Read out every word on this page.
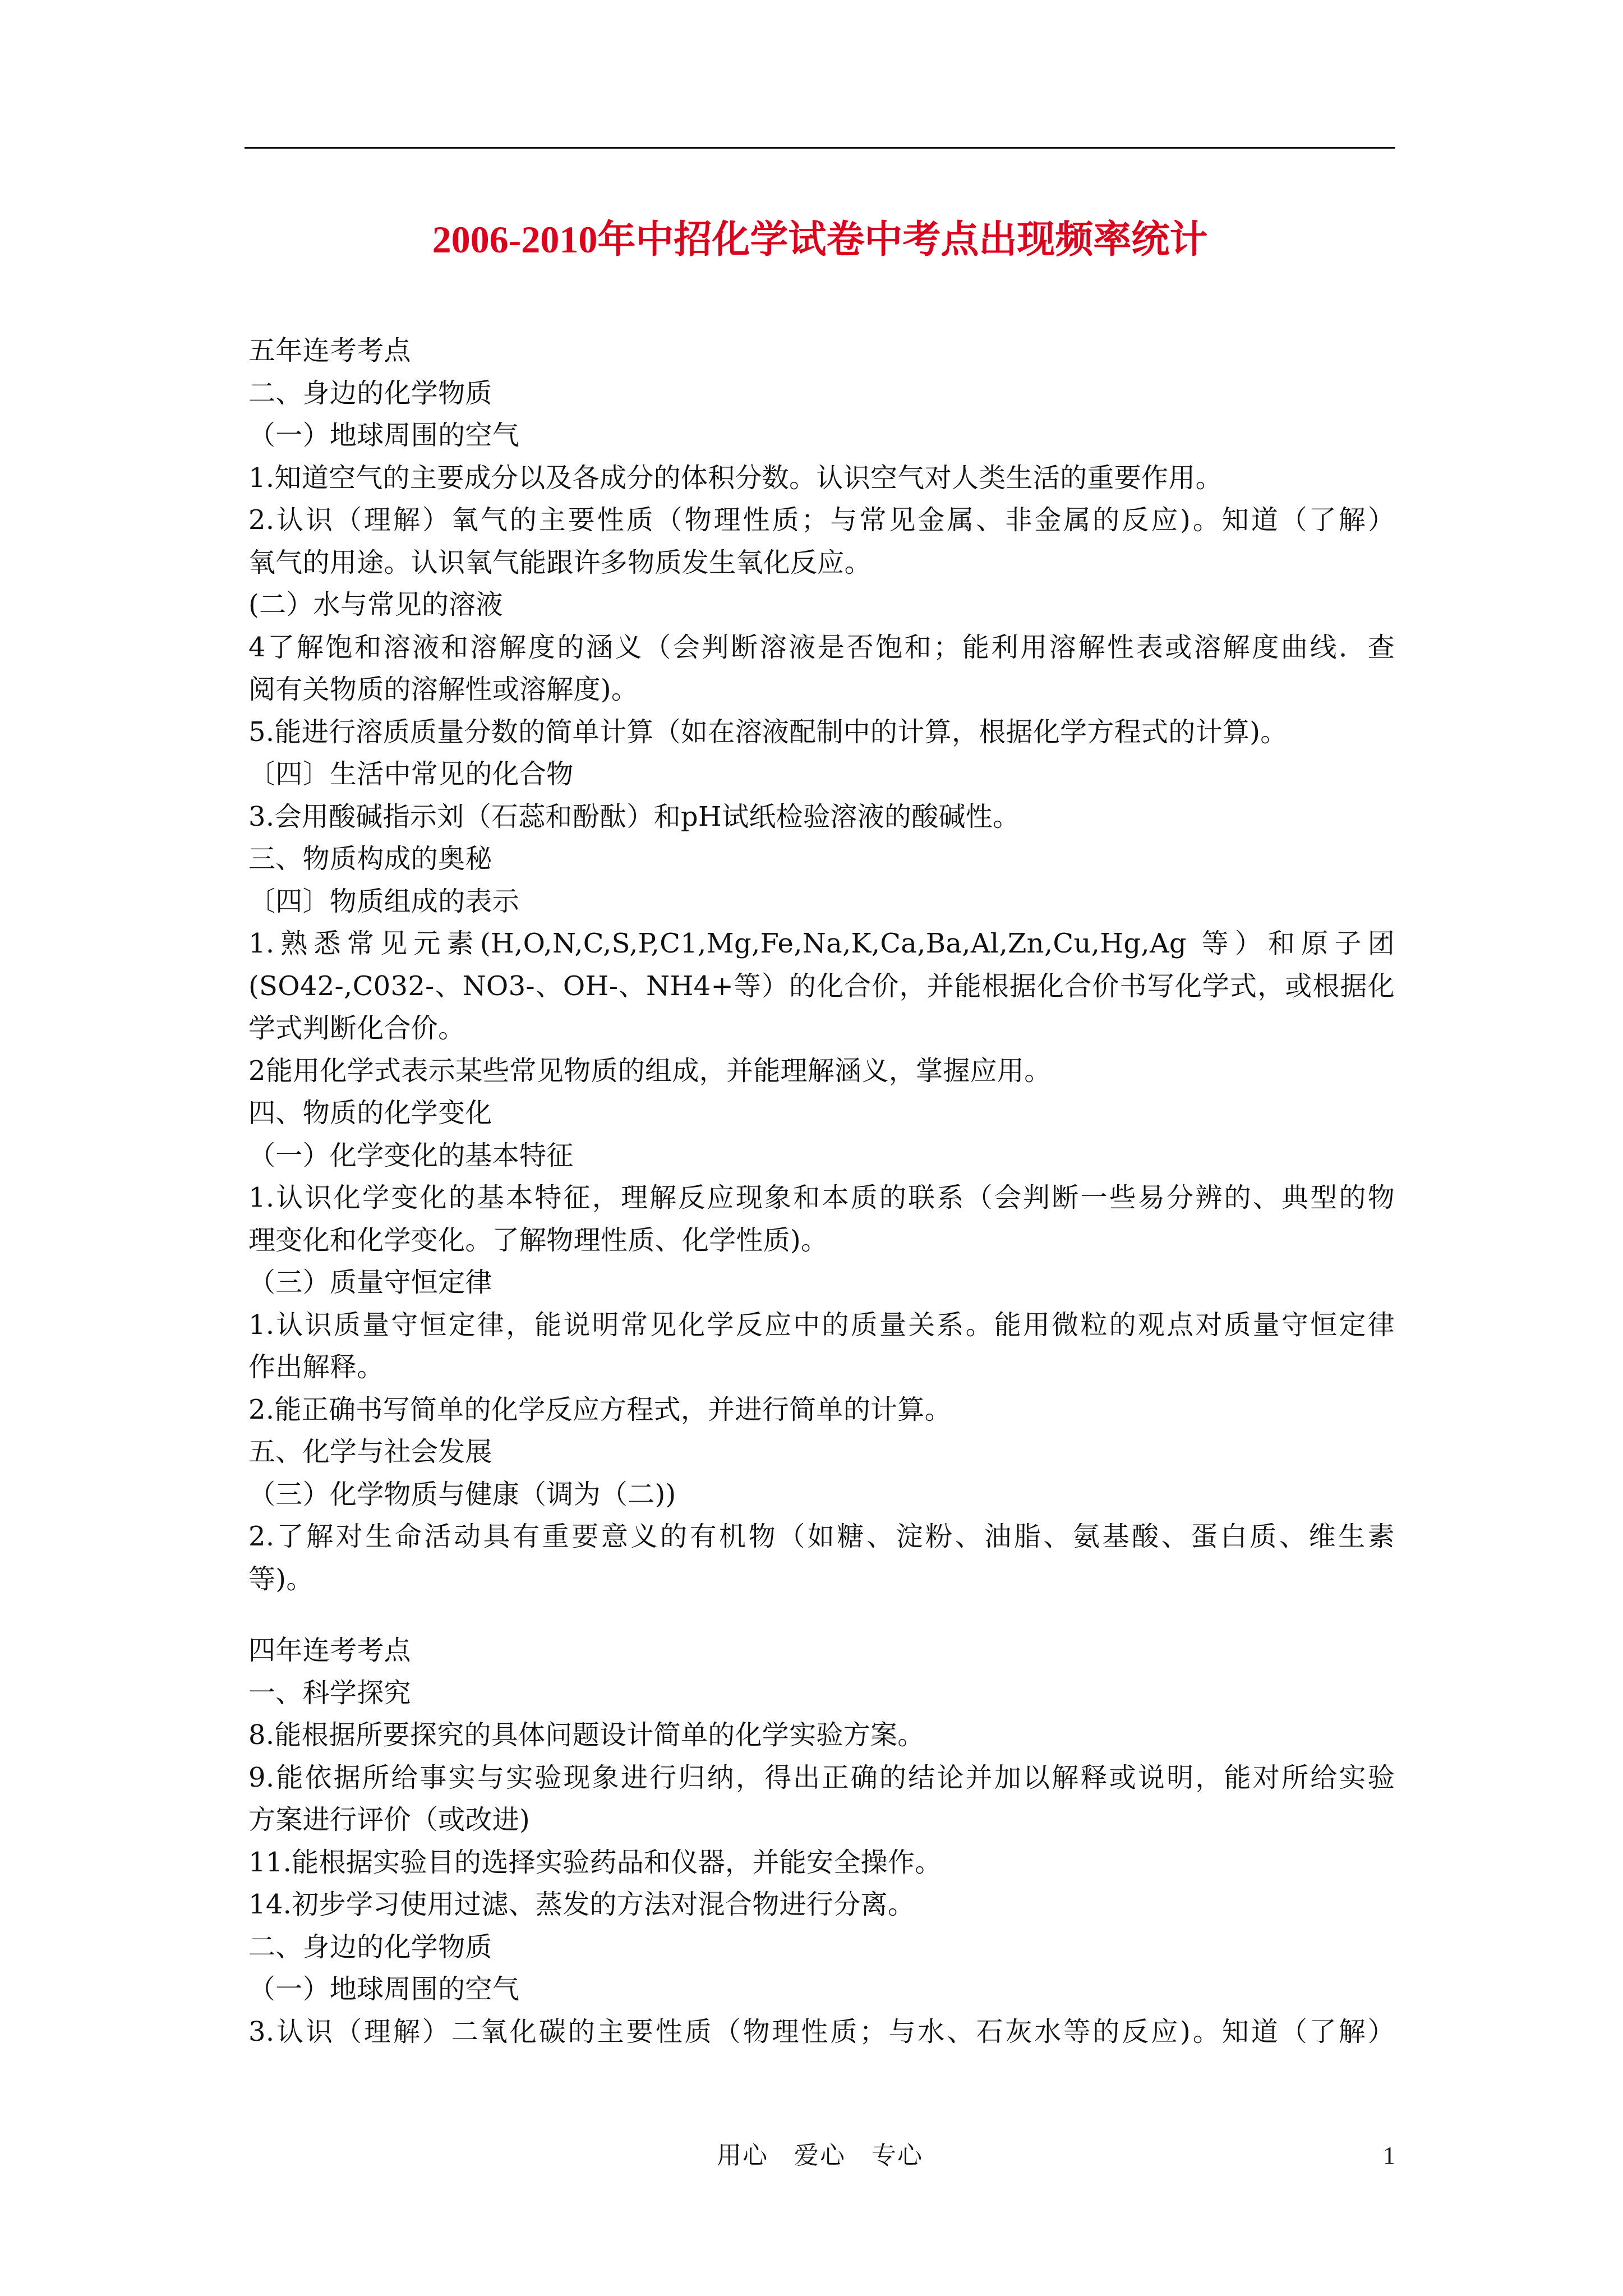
2006-2010年中招化学试卷中考点出现频率统计
五年连考考点
二、身边的化学物质
（一）地球周围的空气
1.知道空气的主要成分以及各成分的体积分数。认识空气对人类生活的重要作用。
2.认识（理解）氧气的主要性质（物理性质；与常见金属、非金属的反应)。知道（了解）
氧气的用途。认识氧气能跟许多物质发生氧化反应。
(二）水与常见的溶液
4了解饱和溶液和溶解度的涵义（会判断溶液是否饱和；能利用溶解性表或溶解度曲线．查
阅有关物质的溶解性或溶解度)。
5.能进行溶质质量分数的简单计算（如在溶液配制中的计算，根据化学方程式的计算)。
〔四〕生活中常见的化合物
3.会用酸碱指示刘（石蕊和酚酞）和pH试纸检验溶液的酸碱性。
三、物质构成的奥秘
〔四〕物质组成的表示
1.熟悉常见元素(H,O,N,C,S,P,C1,Mg,Fe,Na,K,Ca,Ba,Al,Zn,Cu,Hg,Ag 等）和原子团
(SO42-,C032-、NO3-、OH-、NH4+等）的化合价，并能根据化合价书写化学式，或根据化
学式判断化合价。
2能用化学式表示某些常见物质的组成，并能理解涵义，掌握应用。
四、物质的化学变化
（一）化学变化的基本特征
1.认识化学变化的基本特征，理解反应现象和本质的联系（会判断一些易分辨的、典型的物
理变化和化学变化。了解物理性质、化学性质)。
（三）质量守恒定律
1.认识质量守恒定律，能说明常见化学反应中的质量关系。能用微粒的观点对质量守恒定律
作出解释。
2.能正确书写简单的化学反应方程式，并进行简单的计算。
五、化学与社会发展
（三）化学物质与健康（调为（二))
2.了解对生命活动具有重要意义的有机物（如糖、淀粉、油脂、氨基酸、蛋白质、维生素
等)。
四年连考考点
一、科学探究
8.能根据所要探究的具体问题设计简单的化学实验方案。
9.能依据所给事实与实验现象进行归纳，得出正确的结论并加以解释或说明，能对所给实验
方案进行评价（或改进)
11.能根据实验目的选择实验药品和仪器，并能安全操作。
14.初步学习使用过滤、蒸发的方法对混合物进行分离。
二、身边的化学物质
（一）地球周围的空气
3.认识（理解）二氧化碳的主要性质（物理性质；与水、石灰水等的反应)。知道（了解）
用心 爱心 专心	1
